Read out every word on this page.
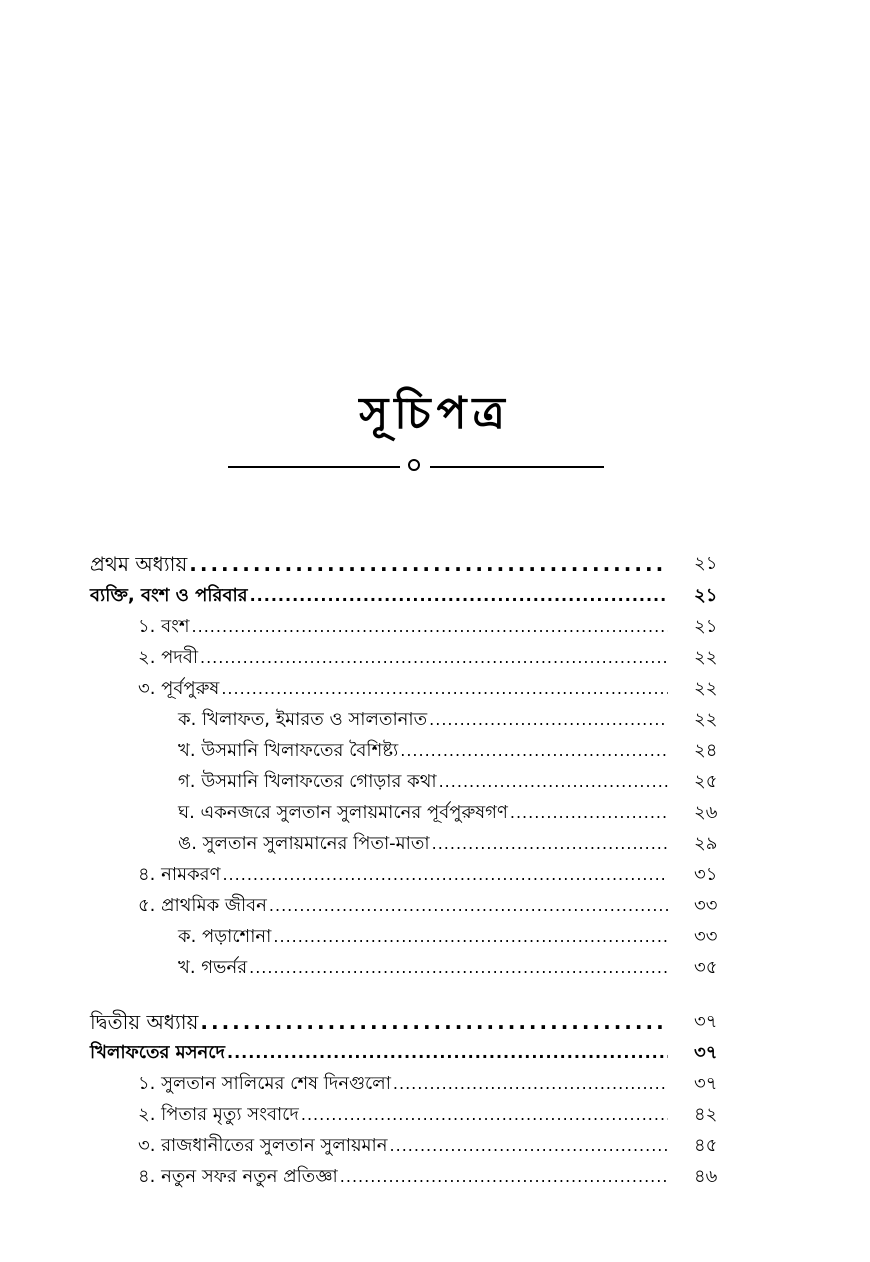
সূচিপত্র
প্রথম অধ্যায় .....	২১
ব্যক্তি, বংশ ও পরিবার .....	২১
১. বংশ .....	২১
২. পদবী .....	২২
৩. পূর্বপুরুষ .....	২২
ক. খিলাফত, ইমারত ও সালতানাত .....	২২
খ. উসমানি খিলাফতের বৈশিষ্ট্য .....	২৪
গ. উসমানি খিলাফতের গোড়ার কথা .....	২৫
ঘ. একনজরে সুলতান সুলায়মানের পূর্বপুরুষগণ .....	২৬
ঙ. সুলতান সুলায়মানের পিতা-মাতা .....	২৯
৪. নামকরণ .....	৩১
৫. প্রাথমিক জীবন .....	৩৩
ক. পড়াশোনা .....	৩৩
খ. গভর্নর .....	৩৫
দ্বিতীয় অধ্যায় .....	৩৭
খিলাফতের মসনদে .....	৩৭
১. সুলতান সালিমের শেষ দিনগুলো .....	৩৭
২. পিতার মৃত্যু সংবাদে .....	৪২
৩. রাজধানীতের সুলতান সুলায়মান .....	৪৫
৪. নতুন সফর নতুন প্রতিজ্ঞা .....	৪৬
